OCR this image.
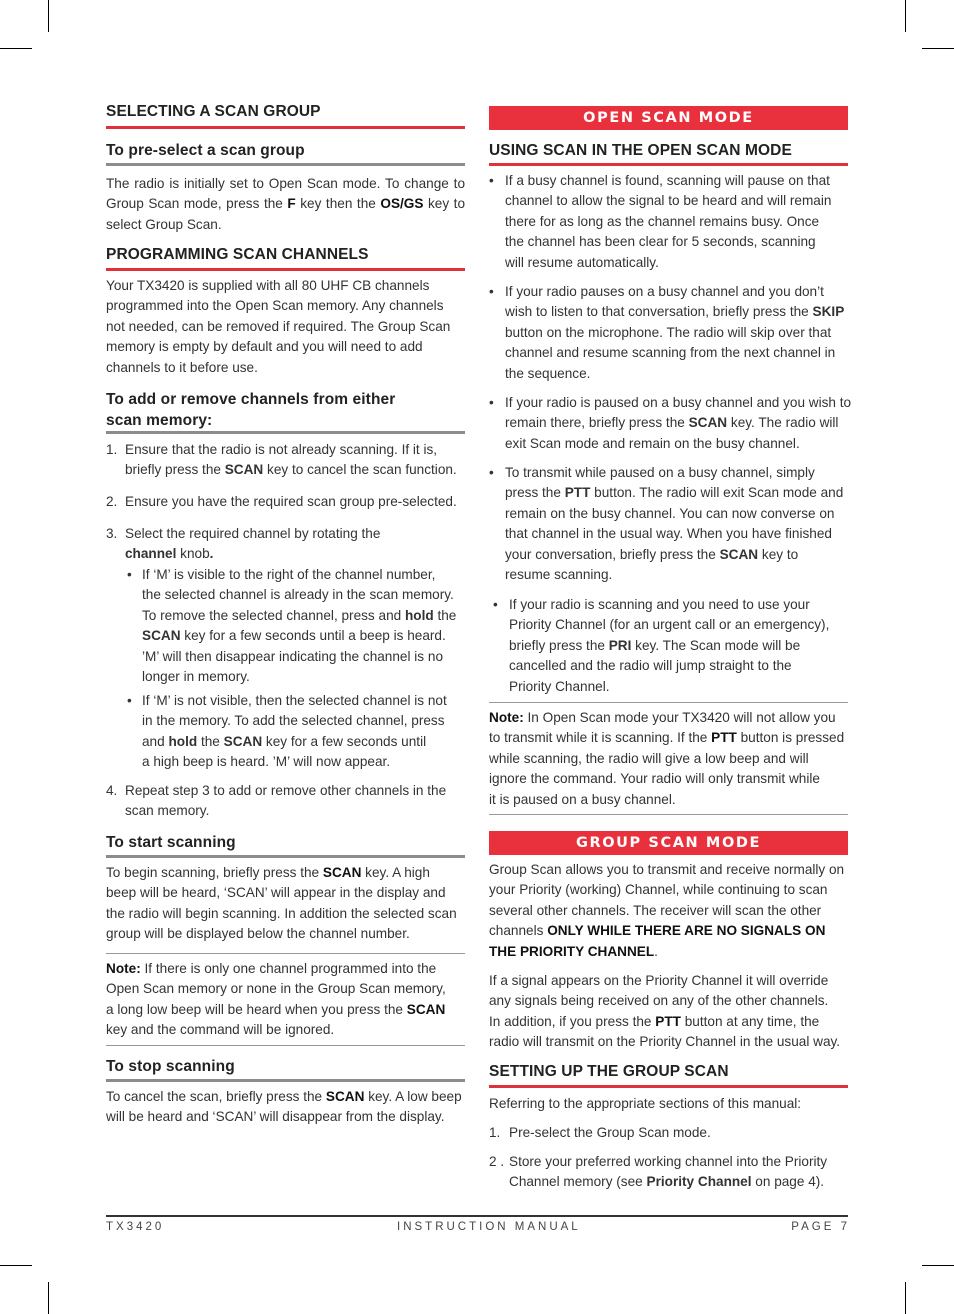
SELECTING A SCAN GROUP
To pre-select a scan group
The radio is initially set to Open Scan mode. To change to
Group Scan mode, press the F key then the OS/GS key to
select Group Scan.
PROGRAMMING SCAN CHANNELS
Your TX3420 is supplied with all 80 UHF CB channels
programmed into the Open Scan memory. Any channels
not needed, can be removed if required. The Group Scan
memory is empty by default and you will need to add
channels to it before use.
To add or remove channels from either
scan memory:
1. Ensure that the radio is not already scanning. If it is,
briefly press the SCAN key to cancel the scan function.
2. Ensure you have the required scan group pre-selected.
3. Select the required channel by rotating the
channel knob.
• If ‘M’ is visible to the right of the channel number,
the selected channel is already in the scan memory.
To remove the selected channel, press and hold the
SCAN key for a few seconds until a beep is heard.
’M’ will then disappear indicating the channel is no
longer in memory.
• If ‘M’ is not visible, then the selected channel is not
in the memory. To add the selected channel, press
and hold the SCAN key for a few seconds until
a high beep is heard. ’M’ will now appear.
4. Repeat step 3 to add or remove other channels in the
scan memory.
To start scanning
To begin scanning, briefly press the SCAN key. A high
beep will be heard, ‘SCAN’ will appear in the display and
the radio will begin scanning. In addition the selected scan
group will be displayed below the channel number.
Note: If there is only one channel programmed into the
Open Scan memory or none in the Group Scan memory,
a long low beep will be heard when you press the SCAN
key and the command will be ignored.
To stop scanning
To cancel the scan, briefly press the SCAN key. A low beep
will be heard and ‘SCAN’ will disappear from the display.
OPEN SCAN MODE
USING SCAN IN THE OPEN SCAN MODE
• If a busy channel is found, scanning will pause on that
channel to allow the signal to be heard and will remain
there for as long as the channel remains busy. Once
the channel has been clear for 5 seconds, scanning
will resume automatically.
• If your radio pauses on a busy channel and you don’t
wish to listen to that conversation, briefly press the SKIP
button on the microphone. The radio will skip over that
channel and resume scanning from the next channel in
the sequence.
• If your radio is paused on a busy channel and you wish to
remain there, briefly press the SCAN key. The radio will
exit Scan mode and remain on the busy channel.
• To transmit while paused on a busy channel, simply
press the PTT button. The radio will exit Scan mode and
remain on the busy channel. You can now converse on
that channel in the usual way. When you have finished
your conversation, briefly press the SCAN key to
resume scanning.
• If your radio is scanning and you need to use your
Priority Channel (for an urgent call or an emergency),
briefly press the PRI key. The Scan mode will be
cancelled and the radio will jump straight to the
Priority Channel.
Note: In Open Scan mode your TX3420 will not allow you
to transmit while it is scanning. If the PTT button is pressed
while scanning, the radio will give a low beep and will
ignore the command. Your radio will only transmit while
it is paused on a busy channel.
GROUP SCAN MODE
Group Scan allows you to transmit and receive normally on
your Priority (working) Channel, while continuing to scan
several other channels. The receiver will scan the other
channels ONLY WHILE THERE ARE NO SIGNALS ON
THE PRIORITY CHANNEL.
If a signal appears on the Priority Channel it will override
any signals being received on any of the other channels.
In addition, if you press the PTT button at any time, the
radio will transmit on the Priority Channel in the usual way.
SETTING UP THE GROUP SCAN
Referring to the appropriate sections of this manual:
1. Pre-select the Group Scan mode.
2 . Store your preferred working channel into the Priority
Channel memory (see Priority Channel on page 4).
TX3420	INSTRUCTION MANUAL	PAGE 7
